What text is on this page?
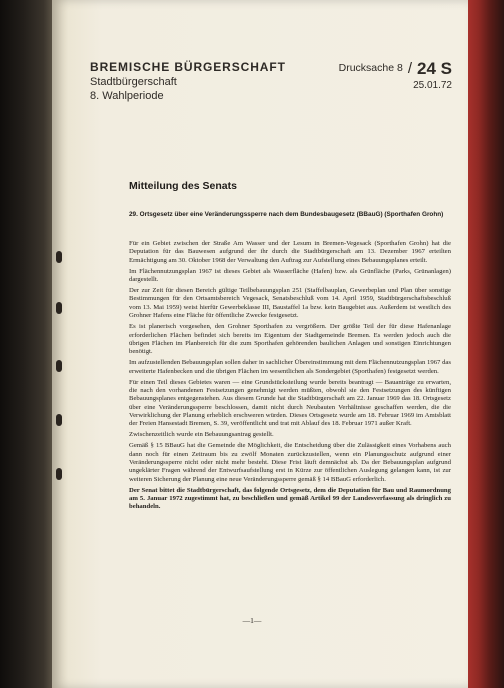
BREMISCHE BÜRGERSCHAFT
Stadtbürgerschaft
8. Wahlperiode
Drucksache 8 / 24 S
25.01.72
Mitteilung des Senats
29. Ortsgesetz über eine Veränderungssperre nach dem Bundesbaugesetz (BBauG) (Sporthafen Grohn)

Für ein Gebiet zwischen der Straße Am Wasser und der Lesum in Bremen-Vegesack (Sporthafen Grohn) hat die Deputation für das Bauwesen aufgrund der ihr durch die Stadtbürgerschaft am 13. Dezember 1967 erteilten Ermächtigung am 30. Oktober 1968 der Verwaltung den Auftrag zur Aufstellung eines Bebauungsplanes erteilt.

Im Flächennutzungsplan 1967 ist dieses Gebiet als Wasserfläche (Hafen) bzw. als Grünfläche (Parks, Grünanlagen) dargestellt.

Der zur Zeit für diesen Bereich gültige Teilbebauungsplan 251 (Staffelbauplan, Gewerbeplan und Plan über sonstige Bestimmungen für den Ortsamtsbereich Vegesack, Senatsbeschluß vom 14. April 1959, Stadtbürgerschaftsbeschluß vom 13. Mai 1959) weist hierfür Gewerbeklasse III, Baustaffel 1a bzw. kein Baugebiet aus. Außerdem ist westlich des Grohner Hafens eine Fläche für öffentliche Zwecke festgesetzt.

Es ist planerisch vorgesehen, den Grohner Sporthafen zu vergrößern. Der größte Teil der für diese Hafenanlage erforderlichen Flächen befindet sich bereits im Eigentum der Stadtgemeinde Bremen. Es werden jedoch auch die übrigen Flächen im Planbereich für die zum Sporthafen gehörenden baulichen Anlagen und sonstigen Einrichtungen benötigt.

Im aufzustellenden Bebauungsplan sollen daher in sachlicher Übereinstimmung mit dem Flächennutzungsplan 1967 das erweiterte Hafenbecken und die übrigen Flächen im wesentlichen als Sondergebiet (Sporthafen) festgesetzt werden.

Für einen Teil dieses Gebietes waren — eine Grundstücksteilung wurde bereits beantragt — Bauanträge zu erwarten, die nach den vorhandenen Festsetzungen genehmigt werden müßten, obwohl sie den Festsetzungen des künftigen Bebauungsplanes entgegenstehen. Aus diesem Grunde hat die Stadtbürgerschaft am 22. Januar 1969 das 18. Ortsgesetz über eine Veränderungssperre beschlossen, damit nicht durch Neubauten Verhältnisse geschaffen werden, die die Verwirklichung der Planung erheblich erschweren würden. Dieses Ortsgesetz wurde am 18. Februar 1969 im Amtsblatt der Freien Hansestadt Bremen, S. 39, veröffentlicht und trat mit Ablauf des 18. Februar 1971 außer Kraft.

Zwischenzeitlich wurde ein Bebauungsantrag gestellt.

Gemäß § 15 BBauG hat die Gemeinde die Möglichkeit, die Entscheidung über die Zulässigkeit eines Vorhabens auch dann noch für einen Zeitraum bis zu zwölf Monaten zurückzustellen, wenn ein Planungsschutz aufgrund einer Veränderungssperre nicht oder nicht mehr besteht. Diese Frist läuft demnächst ab. Da der Bebauungsplan aufgrund ungeklärter Fragen während der Entwurfsaufstellung erst in Kürze zur öffentlichen Auslegung gelangen kann, ist zur weiteren Sicherung der Planung eine neue Veränderungssperre gemäß § 14 BBauG erforderlich.

Der Senat bittet die Stadtbürgerschaft, das folgende Ortsgesetz, dem die Deputation für Bau und Raumordnung am 5. Januar 1972 zugestimmt hat, zu beschließen und gemäß Artikel 99 der Landesverfassung als dringlich zu behandeln.

—1—
